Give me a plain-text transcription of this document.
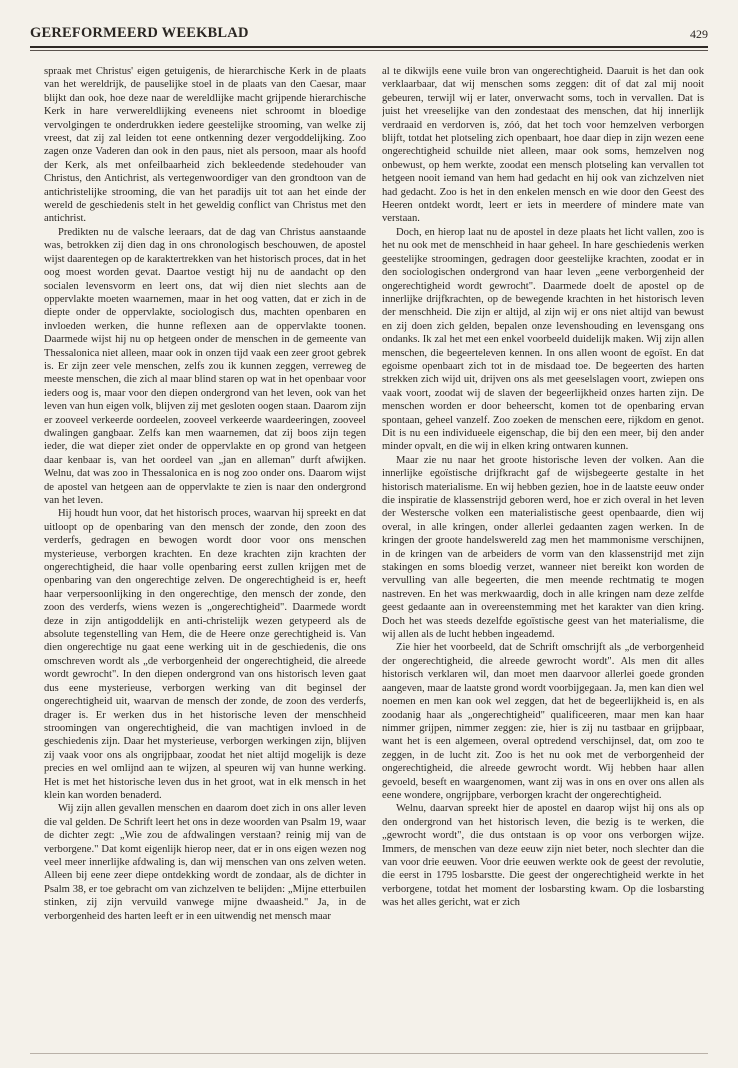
GEREFORMEERD WEEKBLAD	429

spraak met Christus' eigen getuigenis, de hierarchische Kerk in de plaats van het wereldrijk, de pauselijke stoel in de plaats van den Caesar, maar blijkt dan ook, hoe deze naar de wereldlijke macht grijpende hierarchische Kerk in hare verwereldlijking eveneens niet schroomt in bloedige vervolgingen te onderdrukken iedere geestelijke strooming, van welke zij vreest, dat zij zal leiden tot eene ontkenning dezer vergoddelijking. Zoo zagen onze Vaderen dan ook in den paus, niet als persoon, maar als hoofd der Kerk, als met onfeilbaarheid zich bekleedende stedehouder van Christus, den Antichrist, als vertegenwoordiger van den grondtoon van de antichristelijke strooming, die van het paradijs uit tot aan het einde der wereld de geschiedenis stelt in het geweldig conflict van Christus met den antichrist.

Predikten nu de valsche leeraars, dat de dag van Christus aanstaande was, betrokken zij dien dag in ons chronologisch beschouwen, de apostel wijst daarentegen op de karaktertrekken van het historisch proces, dat in het oog moest worden gevat. Daartoe vestigt hij nu de aandacht op den socialen levensvorm en leert ons, dat wij dien niet slechts aan de oppervlakte moeten waarnemen, maar in het oog vatten, dat er zich in de diepte onder de oppervlakte, sociologisch dus, machten openbaren en invloeden werken, die hunne reflexen aan de oppervlakte toonen. Daarmede wijst hij nu op hetgeen onder de menschen in de gemeente van Thessalonica niet alleen, maar ook in onzen tijd vaak een zeer groot gebrek is. Er zijn zeer vele menschen, zelfs zou ik kunnen zeggen, verreweg de meeste menschen, die zich al maar blind staren op wat in het openbaar voor ieders oog is, maar voor den diepen ondergrond van het leven, ook van het leven van hun eigen volk, blijven zij met gesloten oogen staan. Daarom zijn er zooveel verkeerde oordeelen, zooveel verkeerde waardeeringen, zooveel dwalingen gangbaar. Zelfs kan men waarnemen, dat zij boos zijn tegen ieder, die wat dieper ziet onder de oppervlakte en op grond van hetgeen daar kenbaar is, van het oordeel van „jan en alleman" durft afwijken. Welnu, dat was zoo in Thessalonica en is nog zoo onder ons. Daarom wijst de apostel van hetgeen aan de oppervlakte te zien is naar den ondergrond van het leven.

Hij houdt hun voor, dat het historisch proces, waarvan hij spreekt en dat uitloopt op de openbaring van den mensch der zonde, den zoon des verderfs, gedragen en bewogen wordt door voor ons menschen mysterieuse, verborgen krachten. En deze krachten zijn krachten der ongerechtigheid, die haar volle openbaring eerst zullen krijgen met de openbaring van den ongerechtige zelven. De ongerechtigheid is er, heeft haar verpersoonlijking in den ongerechtige, den mensch der zonde, den zoon des verderfs, wiens wezen is „ongerechtigheid". Daarmede wordt deze in zijn antigoddelijk en anti-christelijk wezen getypeerd als de absolute tegenstelling van Hem, die de Heere onze gerechtigheid is. Van dien ongerechtige nu gaat eene werking uit in de geschiedenis, die ons omschreven wordt als „de verborgenheid der ongerechtigheid, die alreede wordt gewrocht". In den diepen ondergrond van ons historisch leven gaat dus eene mysterieuse, verborgen werking van dit beginsel der ongerechtigheid uit, waarvan de mensch der zonde, de zoon des verderfs, drager is. Er werken dus in het historische leven der menschheid stroomingen van ongerechtigheid, die van machtigen invloed in de geschiedenis zijn. Daar het mysterieuse, verborgen werkingen zijn, blijven zij vaak voor ons als ongrijpbaar, zoodat het niet altijd mogelijk is deze precies en wel omlijnd aan te wijzen, al speuren wij van hunne werking. Het is met het historische leven dus in het groot, wat in elk mensch in het klein kan worden benaderd.

Wij zijn allen gevallen menschen en daarom doet zich in ons aller leven die val gelden. De Schrift leert het ons in deze woorden van Psalm 19, waar de dichter zegt: „Wie zou de afdwalingen verstaan? reinig mij van de verborgene." Dat komt eigenlijk hierop neer, dat er in ons eigen wezen nog veel meer innerlijke afdwaling is, dan wij menschen van ons zelven weten. Alleen bij eene zeer diepe ontdekking wordt de zondaar, als de dichter in Psalm 38, er toe gebracht om van zichzelven te belijden: „Mijne etterbuilen stinken, zij zijn vervuild vanwege mijne dwaasheid." Ja, in de verborgenheid des harten leeft er in een uitwendig net mensch maar

al te dikwijls eene vuile bron van ongerechtigheid. Daaruit is het dan ook verklaarbaar, dat wij menschen soms zeggen: dit of dat zal mij nooit gebeuren, terwijl wij er later, onverwacht soms, toch in vervallen. Dat is juist het vreeselijke van den zondestaat des menschen, dat hij innerlijk verdraaid en verdorven is, zóó, dat het toch voor hemzelven verborgen blijft, totdat het plotseling zich openbaart, hoe daar diep in zijn wezen eene ongerechtigheid schuilde niet alleen, maar ook soms, hemzelven nog onbewust, op hem werkte, zoodat een mensch plotseling kan vervallen tot hetgeen nooit iemand van hem had gedacht en hij ook van zichzelven niet had gedacht. Zoo is het in den enkelen mensch en wie door den Geest des Heeren ontdekt wordt, leert er iets in meerdere of mindere mate van verstaan.

Doch, en hierop laat nu de apostel in deze plaats het licht vallen, zoo is het nu ook met de menschheid in haar geheel. In hare geschiedenis werken geestelijke stroomingen, gedragen door geestelijke krachten, zoodat er in den sociologischen ondergrond van haar leven „eene verborgenheid der ongerechtigheid wordt gewrocht". Daarmede doelt de apostel op de innerlijke drijfkrachten, op de bewegende krachten in het historisch leven der menschheid. Die zijn er altijd, al zijn wij er ons niet altijd van bewust en zij doen zich gelden, bepalen onze levenshouding en levensgang ons ondanks. Ik zal het met een enkel voorbeeld duidelijk maken. Wij zijn allen menschen, die begeerteleven kennen. In ons allen woont de egoïst. En dat egoisme openbaart zich tot in de misdaad toe. De begeerten des harten strekken zich wijd uit, drijven ons als met geeselslagen voort, zwiepen ons vaak voort, zoodat wij de slaven der begeerlijkheid onzes harten zijn. De menschen worden er door beheerscht, komen tot de openbaring ervan spontaan, geheel vanzelf. Zoo zoeken de menschen eere, rijkdom en genot. Dit is nu een individueele eigenschap, die bij den een meer, bij den ander minder opvalt, en die wij in elken kring ontwaren kunnen.

Maar zie nu naar het groote historische leven der volken. Aan die innerlijke egoïstische drijfkracht gaf de wijsbegeerte gestalte in het historisch materialisme. En wij hebben gezien, hoe in de laatste eeuw onder die inspiratie de klassenstrijd geboren werd, hoe er zich overal in het leven der Westersche volken een materialistische geest openbaarde, dien wij overal, in alle kringen, onder allerlei gedaanten zagen werken. In de kringen der groote handelswereld zag men het mammonisme verschijnen, in de kringen van de arbeiders de vorm van den klassenstrijd met zijn stakingen en soms bloedig verzet, wanneer niet bereikt kon worden de vervulling van alle begeerten, die men meende rechtmatig te mogen nastreven. En het was merkwaardig, doch in alle kringen nam deze zelfde geest gedaante aan in overeenstemming met het karakter van dien kring. Doch het was steeds dezelfde egoïstische geest van het materialisme, die wij allen als de lucht hebben ingeademd.

Zie hier het voorbeeld, dat de Schrift omschrijft als „de verborgenheid der ongerechtigheid, die alreede gewrocht wordt". Als men dit alles historisch verklaren wil, dan moet men daarvoor allerlei goede gronden aangeven, maar de laatste grond wordt voorbijgegaan. Ja, men kan dien wel noemen en men kan ook wel zeggen, dat het de begeerlijkheid is, en als zoodanig haar als „ongerechtigheid" qualificeeren, maar men kan haar nimmer grijpen, nimmer zeggen: zie, hier is zij nu tastbaar en grijpbaar, want het is een algemeen, overal optredend verschijnsel, dat, om zoo te zeggen, in de lucht zit. Zoo is het nu ook met de verborgenheid der ongerechtigheid, die alreede gewrocht wordt. Wij hebben haar allen gevoeld, beseft en waargenomen, want zij was in ons en over ons allen als eene wondere, ongrijpbare, verborgen kracht der ongerechtigheid.

Welnu, daarvan spreekt hier de apostel en daarop wijst hij ons als op den ondergrond van het historisch leven, die bezig is te werken, die „gewrocht wordt", die dus ontstaan is op voor ons verborgen wijze. Immers, de menschen van deze eeuw zijn niet beter, noch slechter dan die van voor drie eeuwen. Voor drie eeuwen werkte ook de geest der revolutie, die eerst in 1795 losbarstte. Die geest der ongerechtigheid werkte in het verborgene, totdat het moment der losbarsting kwam. Op die losbarsting was het alles gericht, wat er zich
